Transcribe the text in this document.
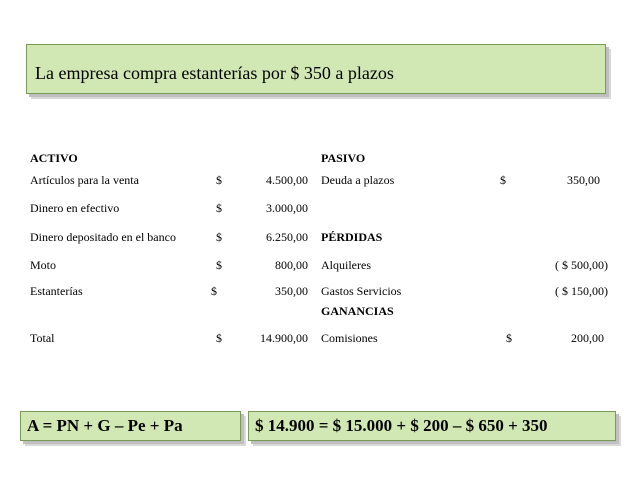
La empresa compra estanterías por $ 350 a plazos
ACTIVO
Artículos para la venta	$	4.500,00
Dinero en efectivo	$	3.000,00
Dinero depositado en el banco	$	6.250,00
Moto	$	800,00
Estanterías	$	350,00
Total	$	14.900,00
PASIVO
Deuda a plazos	$	350,00
PÉRDIDAS
Alquileres	( $ 500,00)
Gastos Servicios	( $ 150,00)
GANANCIAS
Comisiones	$	200,00
A = PN + G – Pe + Pa	$ 14.900 = $ 15.000 + $ 200 – $ 650 + 350
